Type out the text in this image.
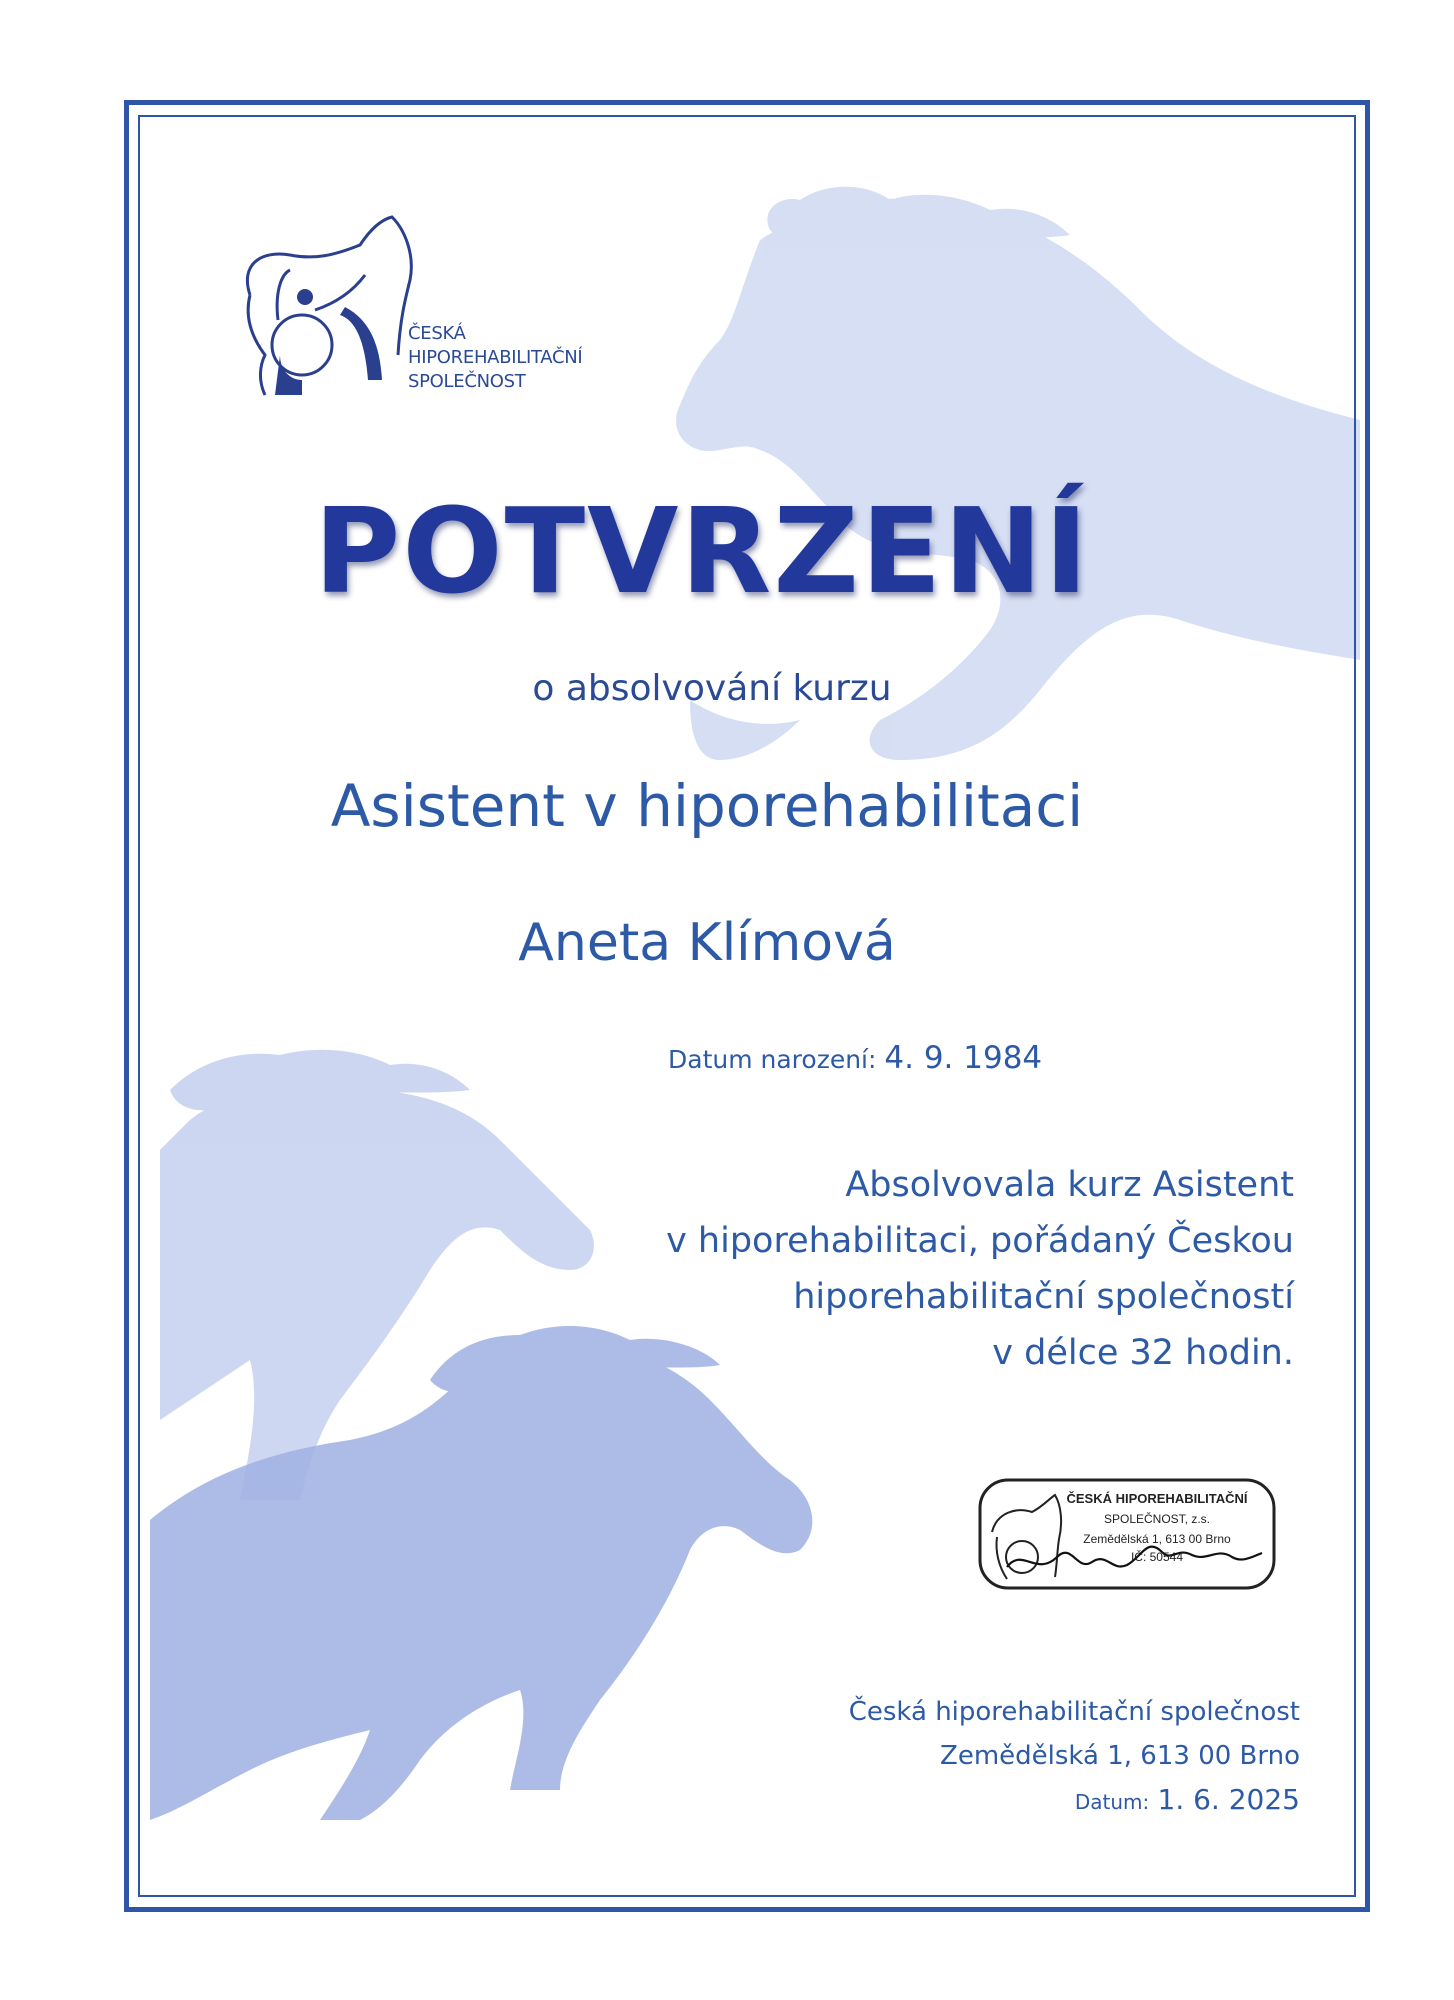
ČESKÁ
HIPOREHABILITAČNÍ
SPOLEČNOST
POTVRZENÍ
o absolvování kurzu
Asistent v hiporehabilitaci
Aneta Klímová
Datum narození: 4. 9. 1984
Absolvovala kurz Asistent
v hiporehabilitaci, pořádaný Českou
hiporehabilitační společností
v délce 32 hodin.
ČESKÁ HIPOREHABILITAČNÍ
SPOLEČNOST, z.s.
Zemědělská 1, 613 00 Brno
IČ: 50544
Česká hiporehabilitační společnost
Zemědělská 1, 613 00 Brno
Datum: 1. 6. 2025
